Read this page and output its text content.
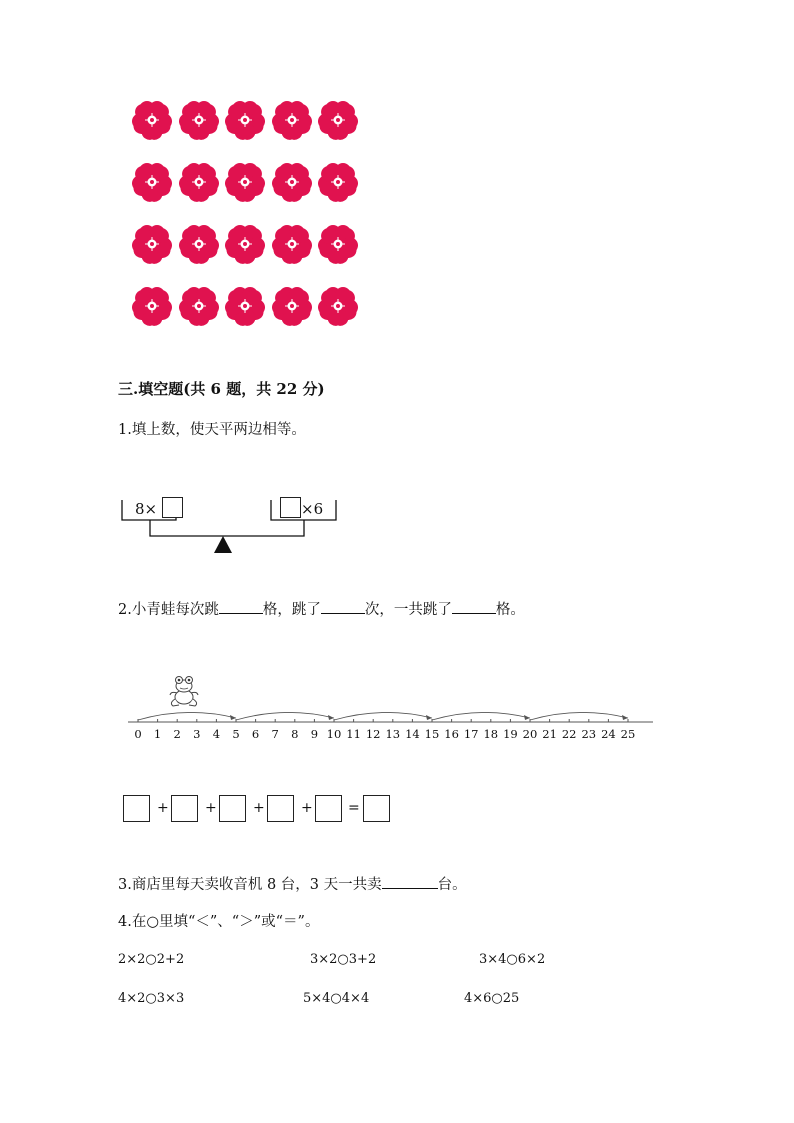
三.填空题(共 6 题，共 22 分)
1.填上数，使天平两边相等。
8×	×6
2.小青蛙每次跳	格，跳了	次，一共跳了	格。
0 1 2 3 4 5 6 7 8 9 10 11 12 13 14 15 16 17 18 19 20 21 22 23 24 25
+	+	+	+	=
3.商店里每天卖收音机 8 台，3 天一共卖	台。
4.在○里填“＜”、“＞”或“＝”。
2×2○2+2	3×2○3+2	3×4○6×2
4×2○3×3	5×4○4×4	4×6○25
